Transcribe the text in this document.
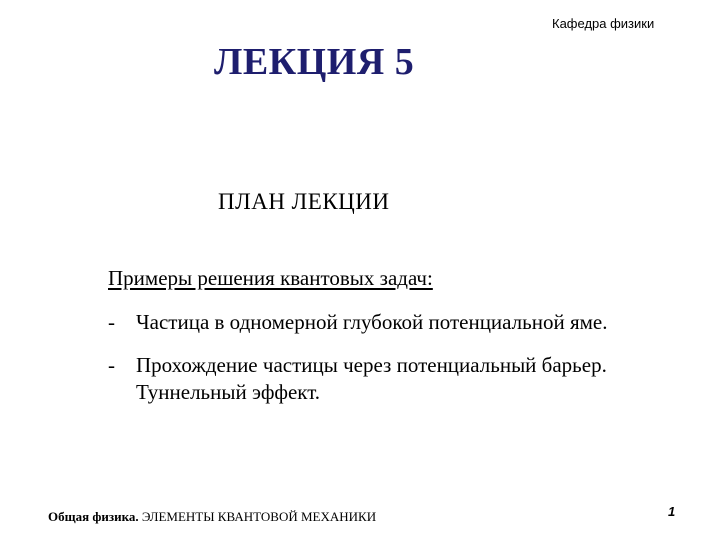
Кафедра физики
ЛЕКЦИЯ 5
ПЛАН ЛЕКЦИИ
Примеры решения квантовых задач:
-	Частица в одномерной глубокой потенциальной яме.
-	Прохождение частицы через потенциальный барьер.
Туннельный эффект.
Общая физика. ЭЛЕМЕНТЫ КВАНТОВОЙ МЕХАНИКИ	1
